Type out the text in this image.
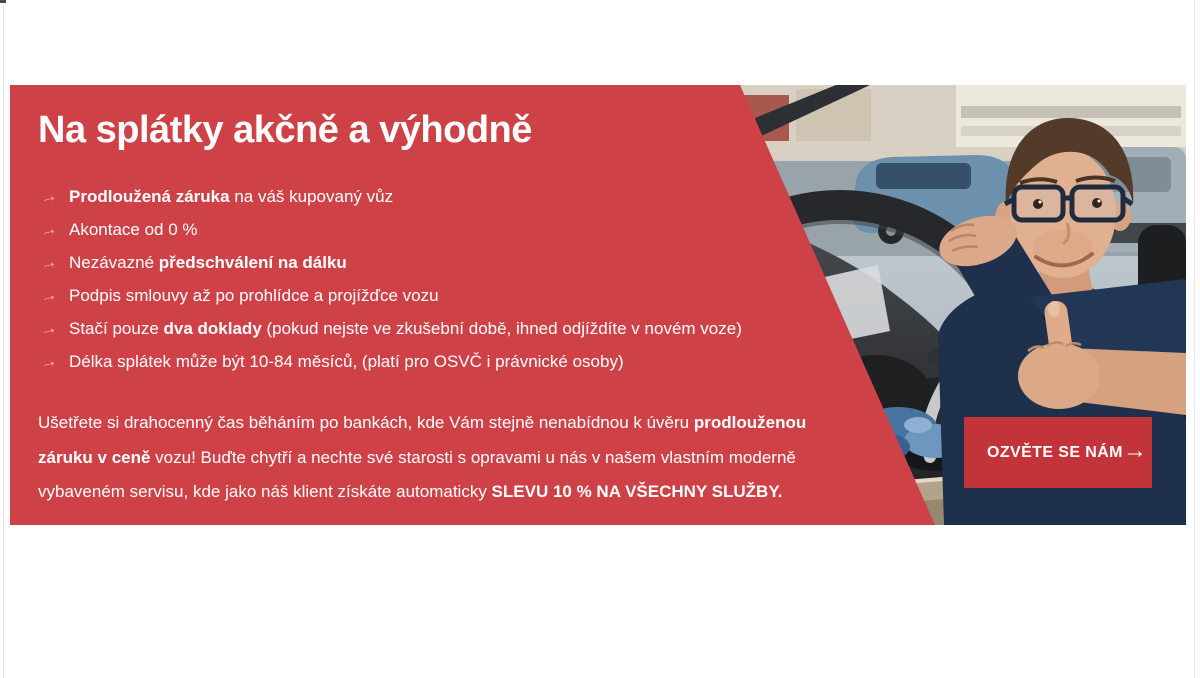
Na splátky akčně a výhodně
→ Prodloužená záruka na váš kupovaný vůz
→ Akontace od 0 %
→ Nezávazné předschválení na dálku
→ Podpis smlouvy až po prohlídce a projížďce vozu
→ Stačí pouze dva doklady (pokud nejste ve zkušební době, ihned odjíždíte v novém voze)
→ Délka splátek může být 10-84 měsíců, (platí pro OSVČ i právnické osoby)
Ušetřete si drahocenný čas běháním po bankách, kde Vám stejně nenabídnou k úvěru prodlouženou záruku v ceně vozu! Buďte chytří a nechte své starosti s opravami u nás v našem vlastním moderně vybaveném servisu, kde jako náš klient získáte automaticky SLEVU 10 % NA VŠECHNY SLUŽBY.
OZVĚTE SE NÁM →
